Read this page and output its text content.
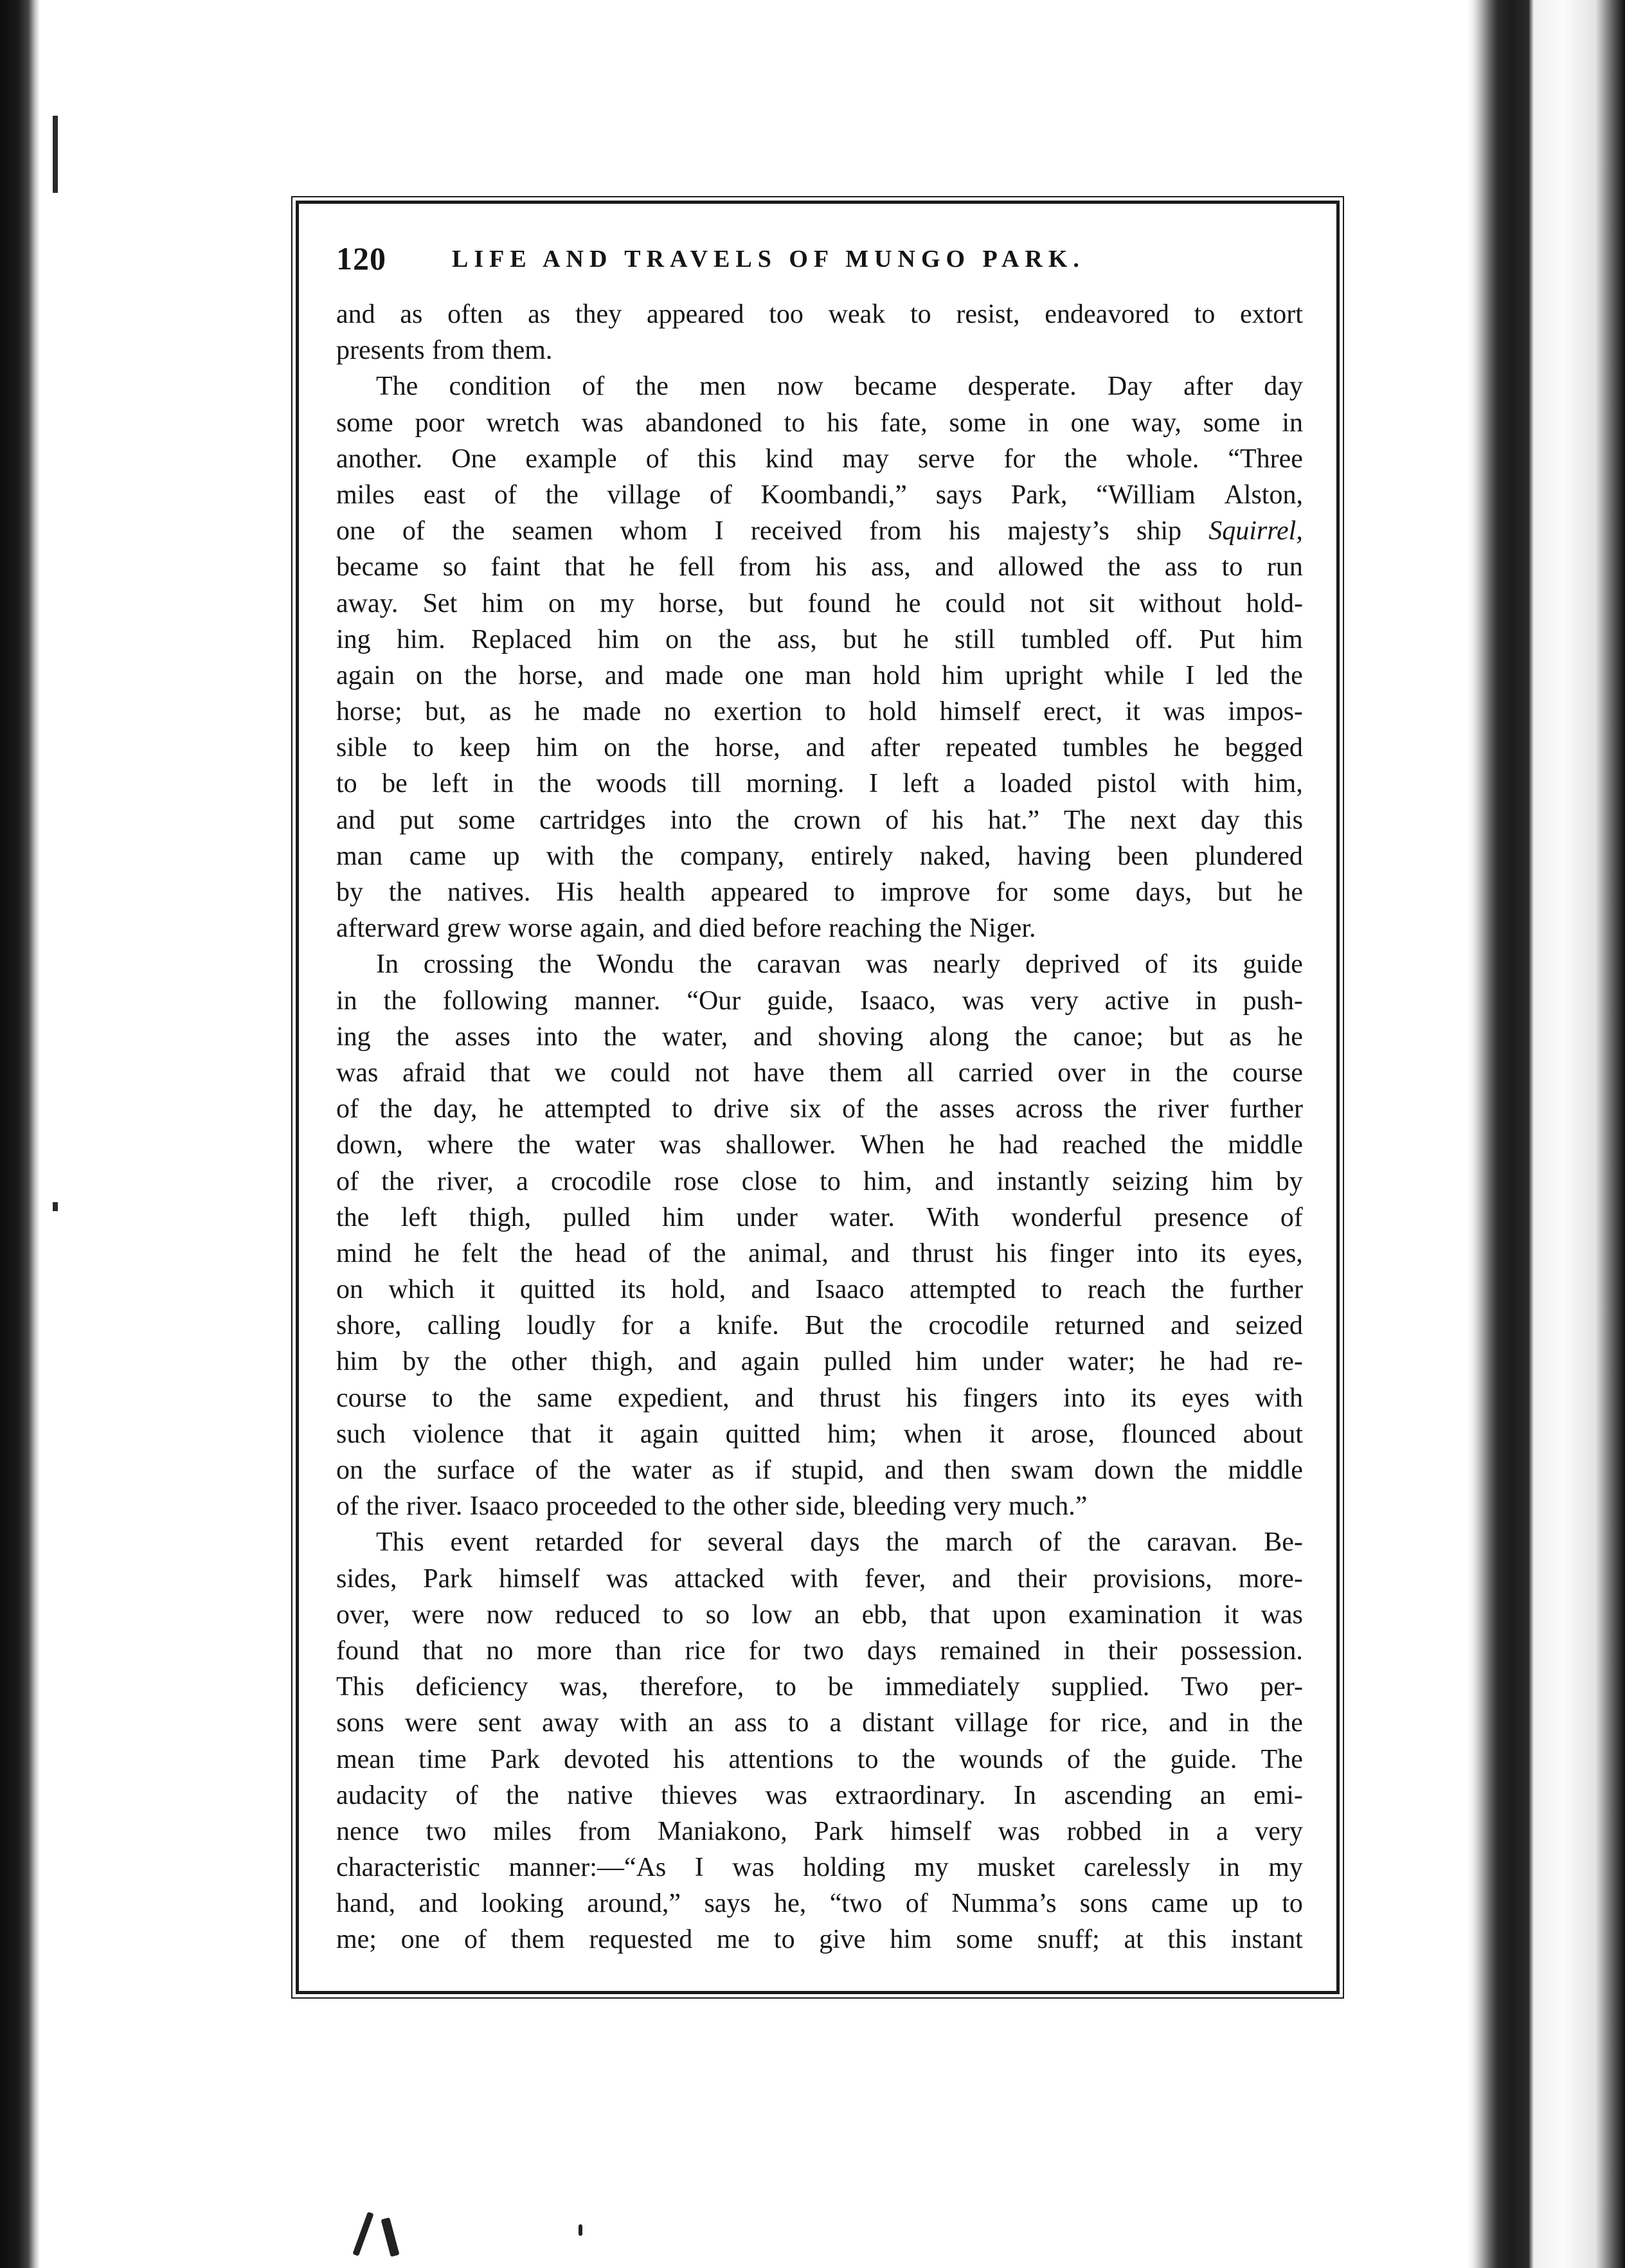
120	LIFE AND TRAVELS OF MUNGO PARK.
and as often as they appeared too weak to resist, endeavored to extort
presents from them.
The condition of the men now became desperate. Day after day
some poor wretch was abandoned to his fate, some in one way, some in
another. One example of this kind may serve for the whole. “Three
miles east of the village of Koombandi,” says Park, “William Alston,
one of the seamen whom I received from his majesty’s ship Squirrel,
became so faint that he fell from his ass, and allowed the ass to run
away. Set him on my horse, but found he could not sit without hold-
ing him. Replaced him on the ass, but he still tumbled off. Put him
again on the horse, and made one man hold him upright while I led the
horse; but, as he made no exertion to hold himself erect, it was impos-
sible to keep him on the horse, and after repeated tumbles he begged
to be left in the woods till morning. I left a loaded pistol with him,
and put some cartridges into the crown of his hat.” The next day this
man came up with the company, entirely naked, having been plundered
by the natives. His health appeared to improve for some days, but he
afterward grew worse again, and died before reaching the Niger.
In crossing the Wondu the caravan was nearly deprived of its guide
in the following manner. “Our guide, Isaaco, was very active in push-
ing the asses into the water, and shoving along the canoe; but as he
was afraid that we could not have them all carried over in the course
of the day, he attempted to drive six of the asses across the river further
down, where the water was shallower. When he had reached the middle
of the river, a crocodile rose close to him, and instantly seizing him by
the left thigh, pulled him under water. With wonderful presence of
mind he felt the head of the animal, and thrust his finger into its eyes,
on which it quitted its hold, and Isaaco attempted to reach the further
shore, calling loudly for a knife. But the crocodile returned and seized
him by the other thigh, and again pulled him under water; he had re-
course to the same expedient, and thrust his fingers into its eyes with
such violence that it again quitted him; when it arose, flounced about
on the surface of the water as if stupid, and then swam down the middle
of the river. Isaaco proceeded to the other side, bleeding very much.”
This event retarded for several days the march of the caravan. Be-
sides, Park himself was attacked with fever, and their provisions, more-
over, were now reduced to so low an ebb, that upon examination it was
found that no more than rice for two days remained in their possession.
This deficiency was, therefore, to be immediately supplied. Two per-
sons were sent away with an ass to a distant village for rice, and in the
mean time Park devoted his attentions to the wounds of the guide. The
audacity of the native thieves was extraordinary. In ascending an emi-
nence two miles from Maniakono, Park himself was robbed in a very
characteristic manner:—“As I was holding my musket carelessly in my
hand, and looking around,” says he, “two of Numma’s sons came up to
me; one of them requested me to give him some snuff; at this instant
